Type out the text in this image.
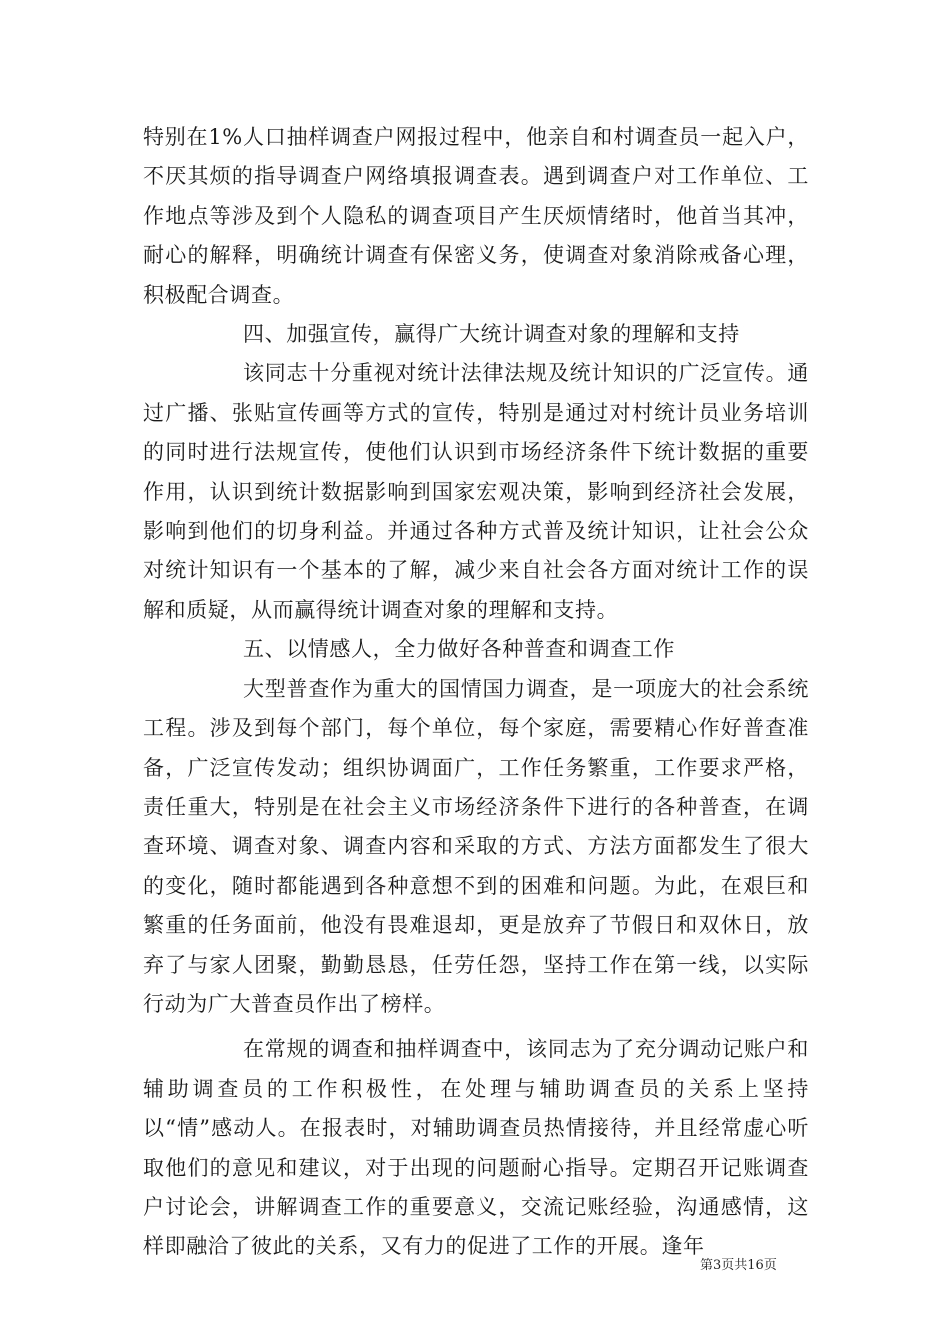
特别在1%人口抽样调查户网报过程中，他亲自和村调查员一起入户，不厌其烦的指导调查户网络填报调查表。遇到调查户对工作单位、工作地点等涉及到个人隐私的调查项目产生厌烦情绪时，他首当其冲，耐心的解释，明确统计调查有保密义务，使调查对象消除戒备心理，积极配合调查。

四、加强宣传，赢得广大统计调查对象的理解和支持

该同志十分重视对统计法律法规及统计知识的广泛宣传。通过广播、张贴宣传画等方式的宣传，特别是通过对村统计员业务培训的同时进行法规宣传，使他们认识到市场经济条件下统计数据的重要作用，认识到统计数据影响到国家宏观决策，影响到经济社会发展，影响到他们的切身利益。并通过各种方式普及统计知识，让社会公众对统计知识有一个基本的了解，减少来自社会各方面对统计工作的误解和质疑，从而赢得统计调查对象的理解和支持。

五、以情感人，全力做好各种普查和调查工作

大型普查作为重大的国情国力调查，是一项庞大的社会系统工程。涉及到每个部门，每个单位，每个家庭，需要精心作好普查准备，广泛宣传发动；组织协调面广，工作任务繁重，工作要求严格，责任重大，特别是在社会主义市场经济条件下进行的各种普查，在调查环境、调查对象、调查内容和采取的方式、方法方面都发生了很大的变化，随时都能遇到各种意想不到的困难和问题。为此，在艰巨和繁重的任务面前，他没有畏难退却，更是放弃了节假日和双休日，放弃了与家人团聚，勤勤恳恳，任劳任怨，坚持工作在第一线，以实际行动为广大普查员作出了榜样。

在常规的调查和抽样调查中，该同志为了充分调动记账户和辅助调查员的工作积极性，在处理与辅助调查员的关系上坚持以“情”感动人。在报表时，对辅助调查员热情接待，并且经常虚心听取他们的意见和建议，对于出现的问题耐心指导。定期召开记账调查户讨论会，讲解调查工作的重要意义，交流记账经验，沟通感情，这样即融洽了彼此的关系，又有力的促进了工作的开展。逢年

第3页共16页
